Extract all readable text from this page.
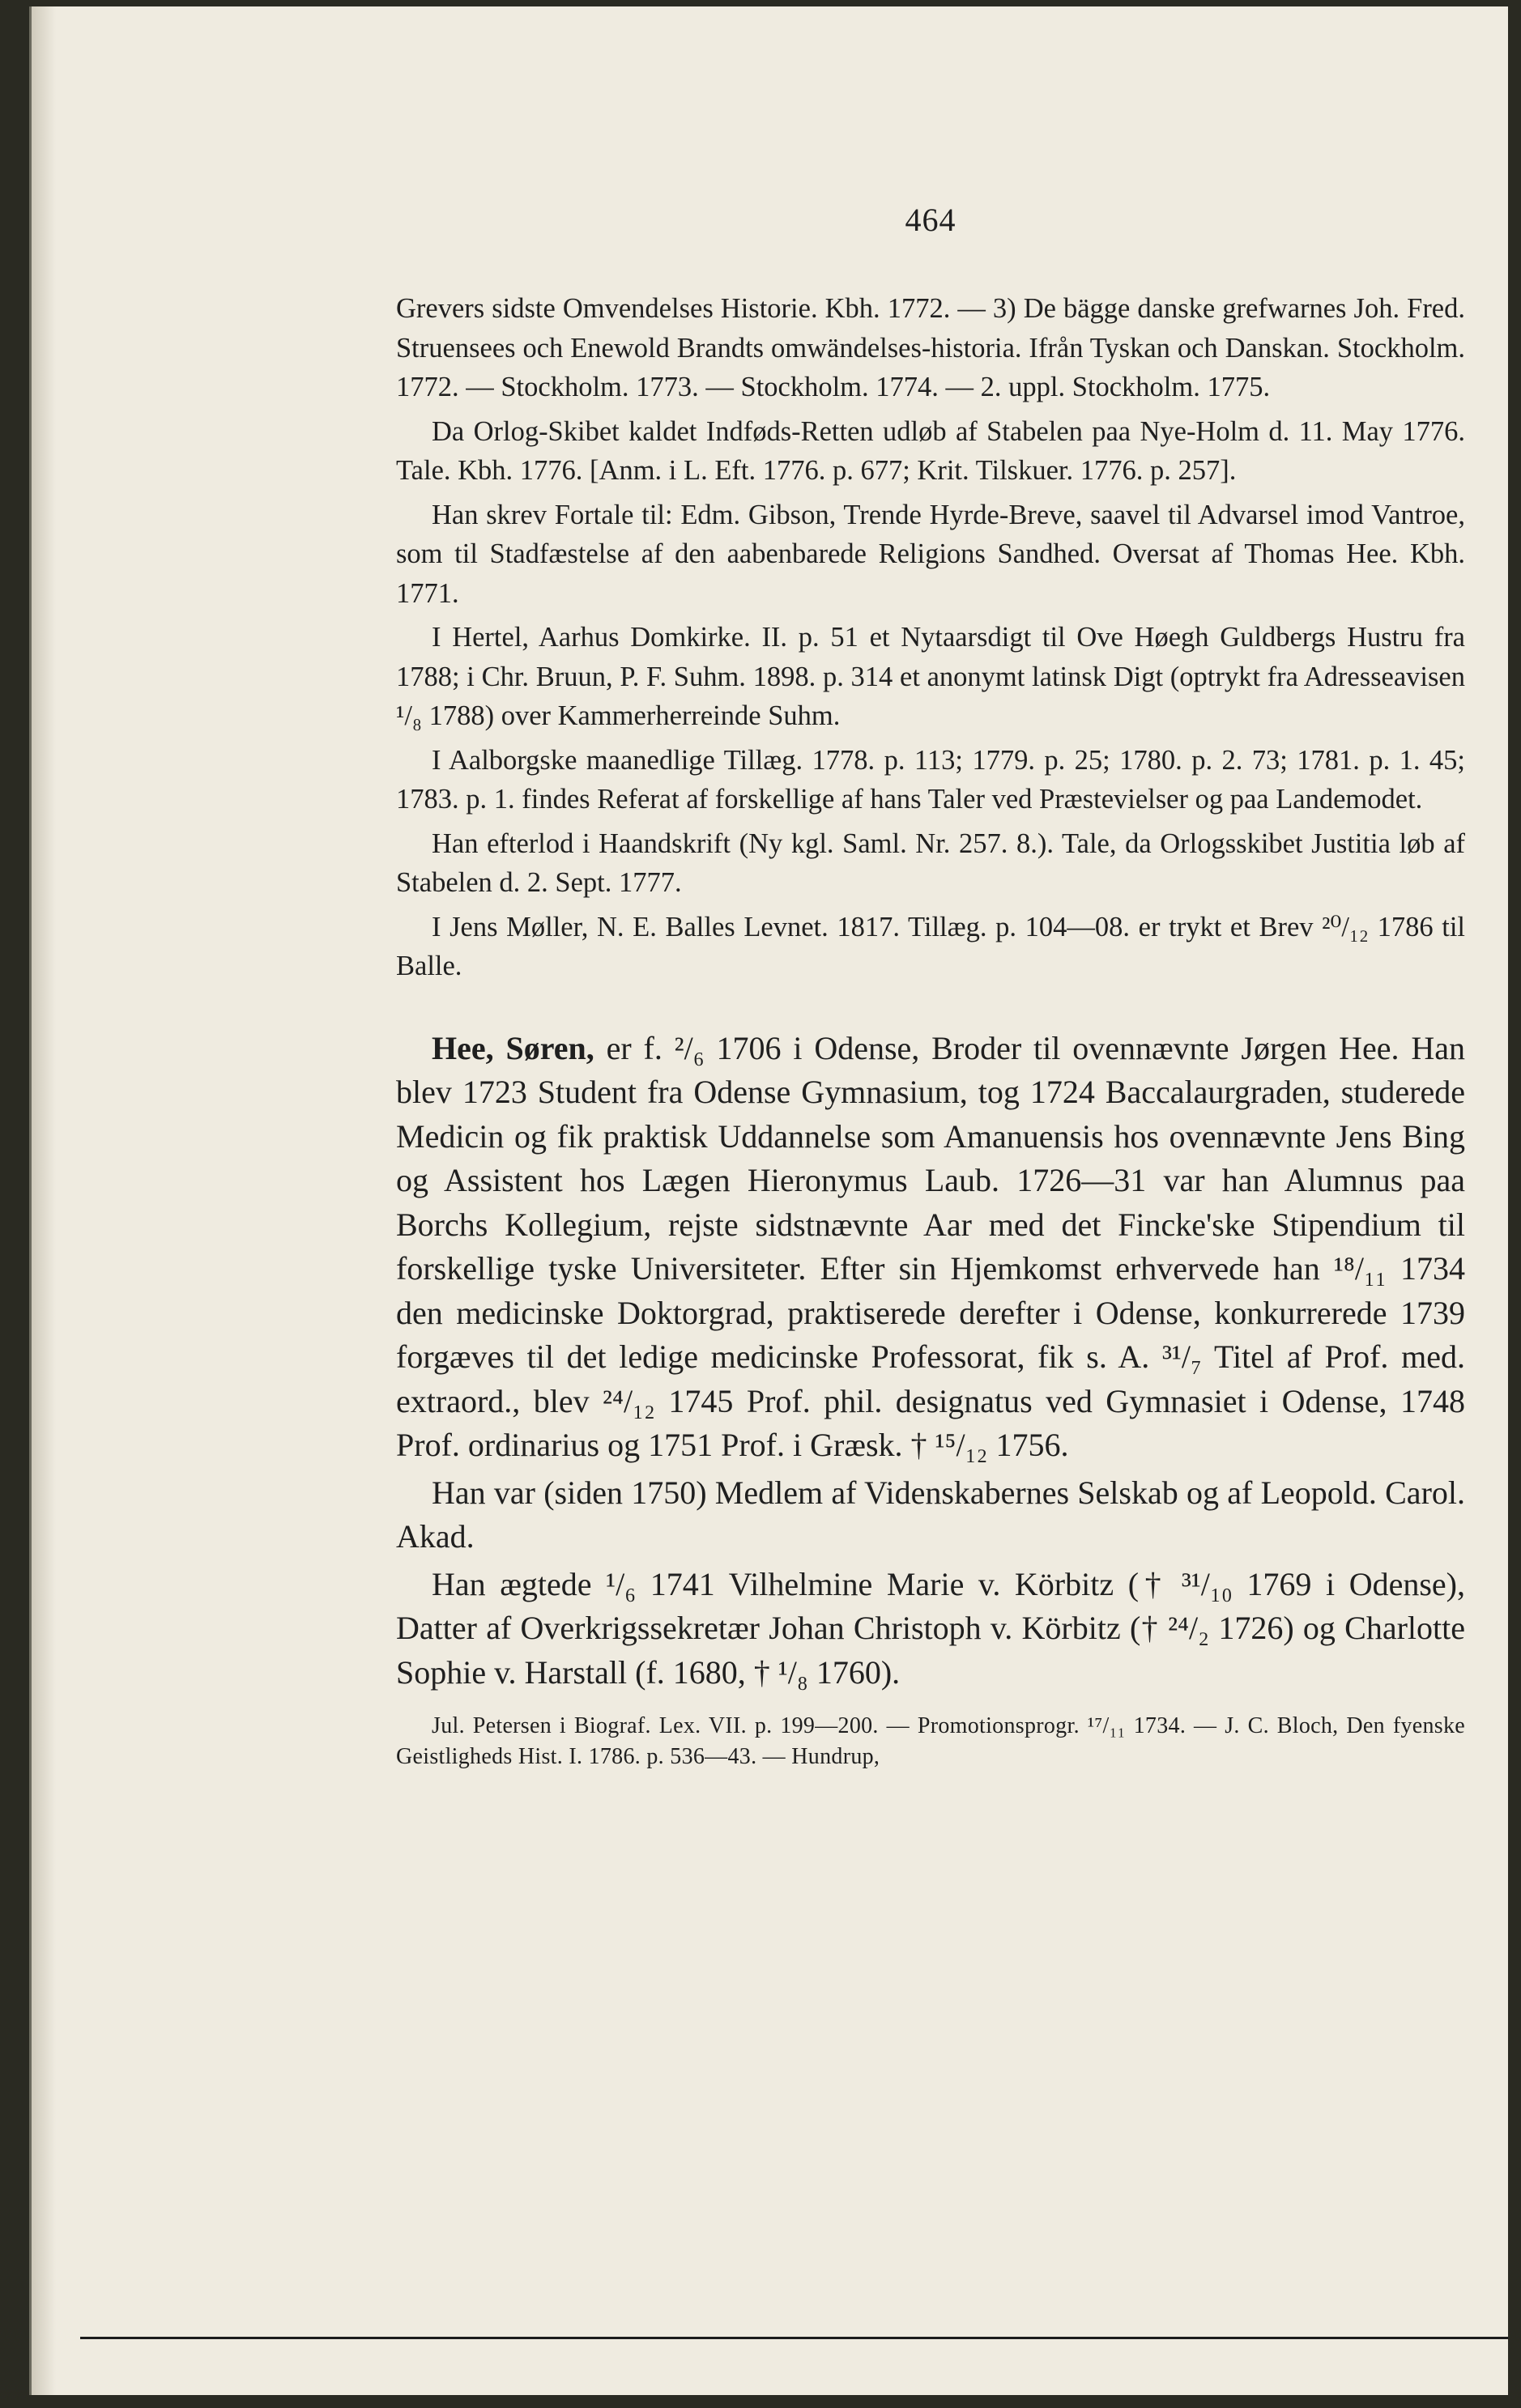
464

Grevers sidste Omvendelses Historie. Kbh. 1772. — 3) De bägge danske grefwarnes Joh. Fred. Struensees och Enewold Brandts omwändelses-historia. Ifrån Tyskan och Danskan. Stockholm. 1772. — Stockholm. 1773. — Stockholm. 1774. — 2. uppl. Stockholm. 1775.

Da Orlog-Skibet kaldet Indføds-Retten udløb af Stabelen paa Nye-Holm d. 11. May 1776. Tale. Kbh. 1776. [Anm. i L. Eft. 1776. p. 677; Krit. Tilskuer. 1776. p. 257].

Han skrev Fortale til: Edm. Gibson, Trende Hyrde-Breve, saavel til Advarsel imod Vantroe, som til Stadfæstelse af den aabenbarede Religions Sandhed. Oversat af Thomas Hee. Kbh. 1771.

I Hertel, Aarhus Domkirke. II. p. 51 et Nytaarsdigt til Ove Høegh Guldbergs Hustru fra 1788; i Chr. Bruun, P. F. Suhm. 1898. p. 314 et anonymt latinsk Digt (optrykt fra Adresseavisen ¹/₈ 1788) over Kammerherreinde Suhm.

I Aalborgske maanedlige Tillæg. 1778. p. 113; 1779. p. 25; 1780. p. 2. 73; 1781. p. 1. 45; 1783. p. 1. findes Referat af forskellige af hans Taler ved Præstevielser og paa Landemodet.

Han efterlod i Haandskrift (Ny kgl. Saml. Nr. 257. 8.). Tale, da Orlogsskibet Justitia løb af Stabelen d. 2. Sept. 1777.

I Jens Møller, N. E. Balles Levnet. 1817. Tillæg. p. 104—08. er trykt et Brev ²⁰/₁₂ 1786 til Balle.

Hee, Søren, er f. ²/₆ 1706 i Odense, Broder til ovennævnte Jørgen Hee. Han blev 1723 Student fra Odense Gymnasium, tog 1724 Baccalaurgraden, studerede Medicin og fik praktisk Uddannelse som Amanuensis hos ovennævnte Jens Bing og Assistent hos Lægen Hieronymus Laub. 1726—31 var han Alumnus paa Borchs Kollegium, rejste sidstnævnte Aar med det Fincke'ske Stipendium til forskellige tyske Universiteter. Efter sin Hjemkomst erhvervede han ¹⁸/₁₁ 1734 den medicinske Doktorgrad, praktiserede derefter i Odense, konkurrerede 1739 forgæves til det ledige medicinske Professorat, fik s. A. ³¹/₇ Titel af Prof. med. extraord., blev ²⁴/₁₂ 1745 Prof. phil. designatus ved Gymnasiet i Odense, 1748 Prof. ordinarius og 1751 Prof. i Græsk. † ¹⁵/₁₂ 1756.

Han var (siden 1750) Medlem af Videnskabernes Selskab og af Leopold. Carol. Akad.

Han ægtede ¹/₆ 1741 Vilhelmine Marie v. Körbitz († ³¹/₁₀ 1769 i Odense), Datter af Overkrigssekretær Johan Christoph v. Körbitz († ²⁴/₂ 1726) og Charlotte Sophie v. Harstall (f. 1680, † ¹/₈ 1760).

Jul. Petersen i Biograf. Lex. VII. p. 199—200. — Promotionsprogr. ¹⁷/₁₁ 1734. — J. C. Bloch, Den fyenske Geistligheds Hist. I. 1786. p. 536—43. — Hundrup,
